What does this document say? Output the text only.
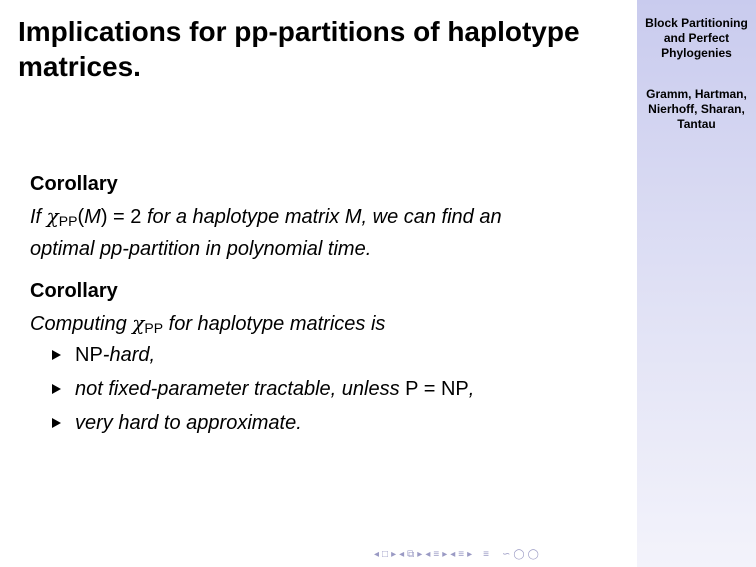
Implications for pp-partitions of haplotype matrices.
Corollary
If $\chi_{PP}(M) = 2$ for a haplotype matrix M, we can find an
optimal pp-partition in polynomial time.
Corollary
Computing $\chi_{PP}$ for haplotype matrices is
NP-hard,
not fixed-parameter tractable, unless P = NP,
very hard to approximate.
◂ □ ▸ ◂ ⧉ ▸ ◂ ≡ ▸ ◂ ≡ ▸ ≡ ∽ ◯ ◯
Block Partitioning and Perfect Phylogenies
Gramm, Hartman, Nierhoff, Sharan, Tantau
